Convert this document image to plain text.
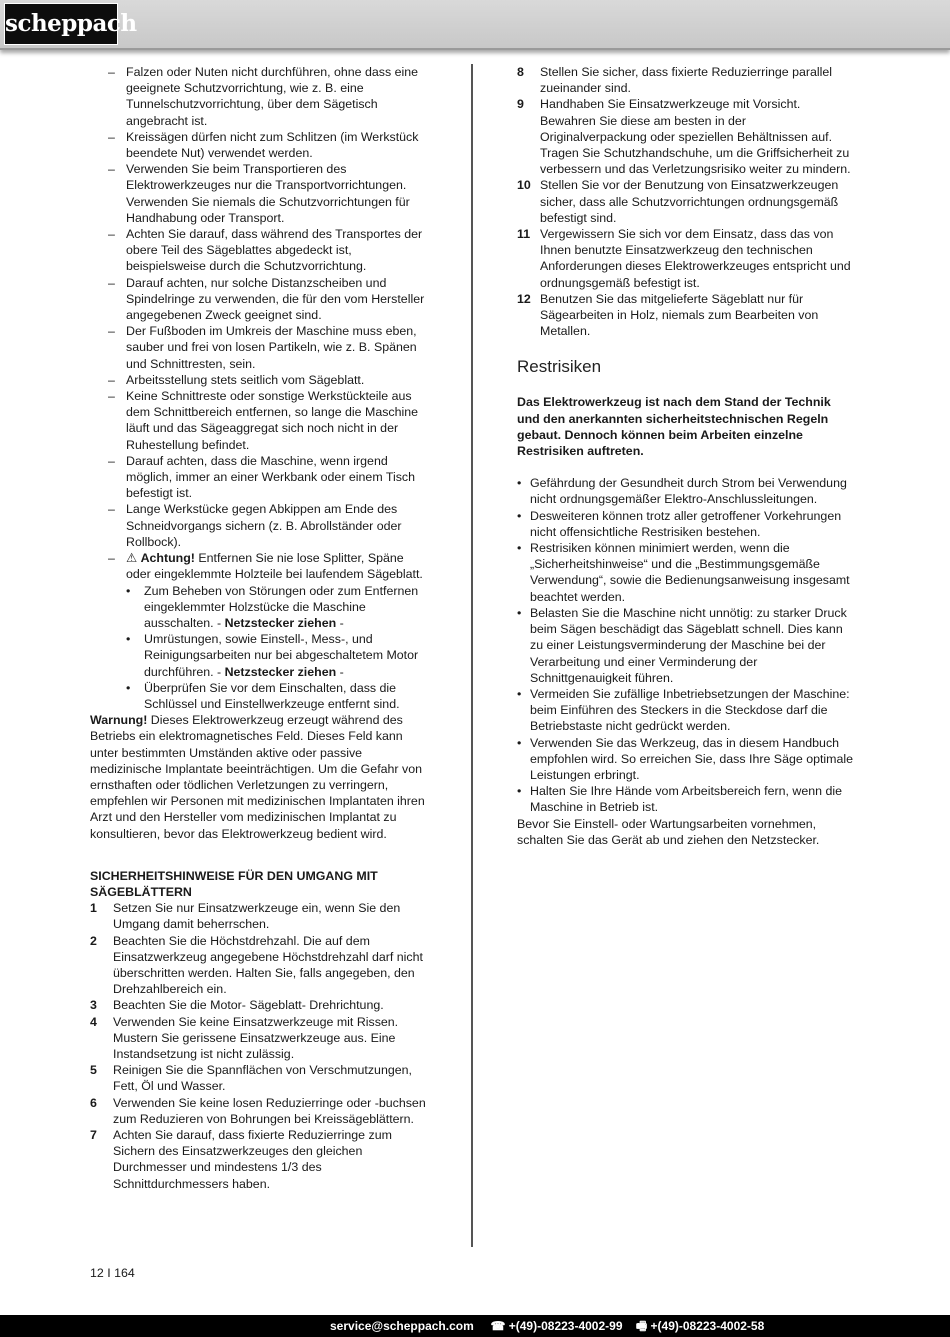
scheppach
– Falzen oder Nuten nicht durchführen, ohne dass eine geeignete Schutzvorrichtung, wie z. B. eine Tunnelschutzvorrichtung, über dem Sägetisch angebracht ist.
– Kreissägen dürfen nicht zum Schlitzen (im Werkstück beendete Nut) verwendet werden.
– Verwenden Sie beim Transportieren des Elektrowerkzeuges nur die Transportvorrichtungen. Verwenden Sie niemals die Schutzvorrichtungen für Handhabung oder Transport.
– Achten Sie darauf, dass während des Transportes der obere Teil des Sägeblattes abgedeckt ist, beispielsweise durch die Schutzvorrichtung.
– Darauf achten, nur solche Distanzscheiben und Spindelringe zu verwenden, die für den vom Hersteller angegebenen Zweck geeignet sind.
– Der Fußboden im Umkreis der Maschine muss eben, sauber und frei von losen Partikeln, wie z. B. Spänen und Schnittresten, sein.
– Arbeitsstellung stets seitlich vom Sägeblatt.
– Keine Schnittreste oder sonstige Werkstückteile aus dem Schnittbereich entfernen, so lange die Maschine läuft und das Sägeaggregat sich noch nicht in der Ruhestellung befindet.
– Darauf achten, dass die Maschine, wenn irgend möglich, immer an einer Werkbank oder einem Tisch befestigt ist.
– Lange Werkstücke gegen Abkippen am Ende des Schneidvorgangs sichern (z. B. Abrollständer oder Rollbock).
– ⚠ Achtung! Entfernen Sie nie lose Splitter, Späne oder eingeklemmte Holzteile bei laufendem Sägeblatt.
• Zum Beheben von Störungen oder zum Entfernen eingeklemmter Holzstücke die Maschine ausschalten. - Netzstecker ziehen -
• Umrüstungen, sowie Einstell-, Mess-, und Reinigungsarbeiten nur bei abgeschaltetem Motor durchführen. - Netzstecker ziehen -
• Überprüfen Sie vor dem Einschalten, dass die Schlüssel und Einstellwerkzeuge entfernt sind.
Warnung! Dieses Elektrowerkzeug erzeugt während des Betriebs ein elektromagnetisches Feld. Dieses Feld kann unter bestimmten Umständen aktive oder passive medizinische Implantate beeinträchtigen. Um die Gefahr von ernsthaften oder tödlichen Verletzungen zu verringern, empfehlen wir Personen mit medizinischen Implantaten ihren Arzt und den Hersteller vom medizinischen Implantat zu konsultieren, bevor das Elektrowerkzeug bedient wird.
SICHERHEITSHINWEISE FÜR DEN UMGANG MIT SÄGEBLÄTTERN
1 Setzen Sie nur Einsatzwerkzeuge ein, wenn Sie den Umgang damit beherrschen.
2 Beachten Sie die Höchstdrehzahl. Die auf dem Einsatzwerkzeug angegebene Höchstdrehzahl darf nicht überschritten werden. Halten Sie, falls angegeben, den Drehzahlbereich ein.
3 Beachten Sie die Motor- Sägeblatt- Drehrichtung.
4 Verwenden Sie keine Einsatzwerkzeuge mit Rissen. Mustern Sie gerissene Einsatzwerkzeuge aus. Eine Instandsetzung ist nicht zulässig.
5 Reinigen Sie die Spannflächen von Verschmutzungen, Fett, Öl und Wasser.
6 Verwenden Sie keine losen Reduzierringe oder -buchsen zum Reduzieren von Bohrungen bei Kreissägeblättern.
7 Achten Sie darauf, dass fixierte Reduzierringe zum Sichern des Einsatzwerkzeuges den gleichen Durchmesser und mindestens 1/3 des Schnittdurchmessers haben.
8 Stellen Sie sicher, dass fixierte Reduzierringe parallel zueinander sind.
9 Handhaben Sie Einsatzwerkzeuge mit Vorsicht. Bewahren Sie diese am besten in der Originalverpackung oder speziellen Behältnissen auf. Tragen Sie Schutzhandschuhe, um die Griffsicherheit zu verbessern und das Verletzungsrisiko weiter zu mindern.
10 Stellen Sie vor der Benutzung von Einsatzwerkzeugen sicher, dass alle Schutzvorrichtungen ordnungsgemäß befestigt sind.
11 Vergewissern Sie sich vor dem Einsatz, dass das von Ihnen benutzte Einsatzwerkzeug den technischen Anforderungen dieses Elektrowerkzeuges entspricht und ordnungsgemäß befestigt ist.
12 Benutzen Sie das mitgelieferte Sägeblatt nur für Sägearbeiten in Holz, niemals zum Bearbeiten von Metallen.
Restrisiken
Das Elektrowerkzeug ist nach dem Stand der Technik und den anerkannten sicherheitstechnischen Regeln gebaut. Dennoch können beim Arbeiten einzelne Restrisiken auftreten.
• Gefährdung der Gesundheit durch Strom bei Verwendung nicht ordnungsgemäßer Elektro-Anschlussleitungen.
• Desweiteren können trotz aller getroffener Vorkehrungen nicht offensichtliche Restrisiken bestehen.
• Restrisiken können minimiert werden, wenn die „Sicherheitshinweise“ und die „Bestimmungsgemäße Verwendung“, sowie die Bedienungsanweisung insgesamt beachtet werden.
• Belasten Sie die Maschine nicht unnötig: zu starker Druck beim Sägen beschädigt das Sägeblatt schnell. Dies kann zu einer Leistungsverminderung der Maschine bei der Verarbeitung und einer Verminderung der Schnittgenauigkeit führen.
• Vermeiden Sie zufällige Inbetriebsetzungen der Maschine: beim Einführen des Steckers in die Steckdose darf die Betriebstaste nicht gedrückt werden.
• Verwenden Sie das Werkzeug, das in diesem Handbuch empfohlen wird. So erreichen Sie, dass Ihre Säge optimale Leistungen erbringt.
• Halten Sie Ihre Hände vom Arbeitsbereich fern, wenn die Maschine in Betrieb ist.
Bevor Sie Einstell- oder Wartungsarbeiten vornehmen, schalten Sie das Gerät ab und ziehen den Netzstecker.
12 I 164
service@scheppach.com ☎ +(49)-08223-4002-99 🖷 +(49)-08223-4002-58
